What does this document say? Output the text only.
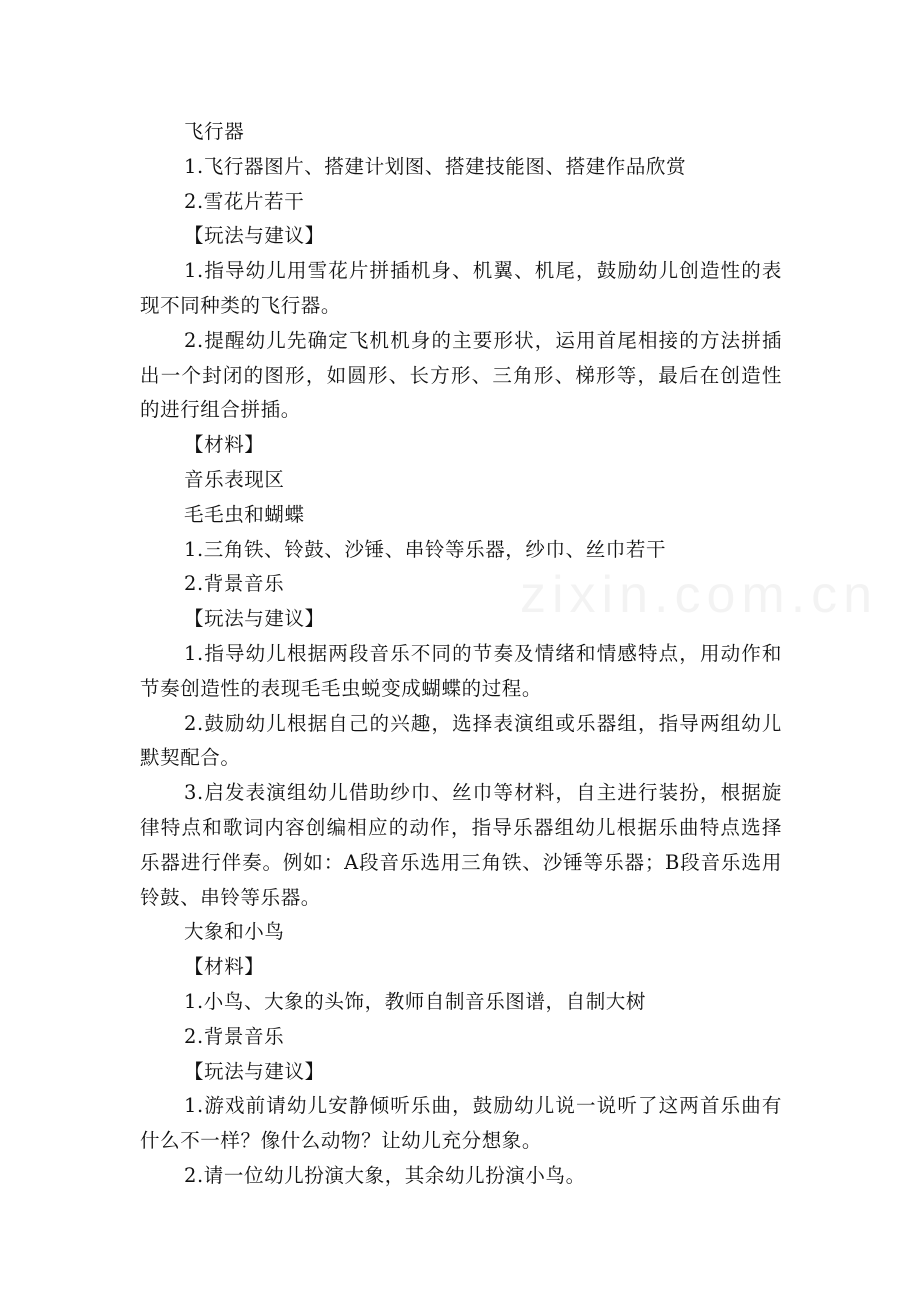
飞行器

1.飞行器图片、搭建计划图、搭建技能图、搭建作品欣赏

2.雪花片若干

【玩法与建议】

1.指导幼儿用雪花片拼插机身、机翼、机尾，鼓励幼儿创造性的表现不同种类的飞行器。

2.提醒幼儿先确定飞机机身的主要形状，运用首尾相接的方法拼插出一个封闭的图形，如圆形、长方形、三角形、梯形等，最后在创造性的进行组合拼插。

【材料】

音乐表现区

毛毛虫和蝴蝶

1.三角铁、铃鼓、沙锤、串铃等乐器，纱巾、丝巾若干

2.背景音乐

【玩法与建议】

1.指导幼儿根据两段音乐不同的节奏及情绪和情感特点，用动作和节奏创造性的表现毛毛虫蜕变成蝴蝶的过程。

2.鼓励幼儿根据自己的兴趣，选择表演组或乐器组，指导两组幼儿默契配合。

3.启发表演组幼儿借助纱巾、丝巾等材料，自主进行装扮，根据旋律特点和歌词内容创编相应的动作，指导乐器组幼儿根据乐曲特点选择乐器进行伴奏。例如：A段音乐选用三角铁、沙锤等乐器；B段音乐选用铃鼓、串铃等乐器。

大象和小鸟

【材料】

1.小鸟、大象的头饰，教师自制音乐图谱，自制大树

2.背景音乐

【玩法与建议】

1.游戏前请幼儿安静倾听乐曲，鼓励幼儿说一说听了这两首乐曲有什么不一样？像什么动物？让幼儿充分想象。

2.请一位幼儿扮演大象，其余幼儿扮演小鸟。
